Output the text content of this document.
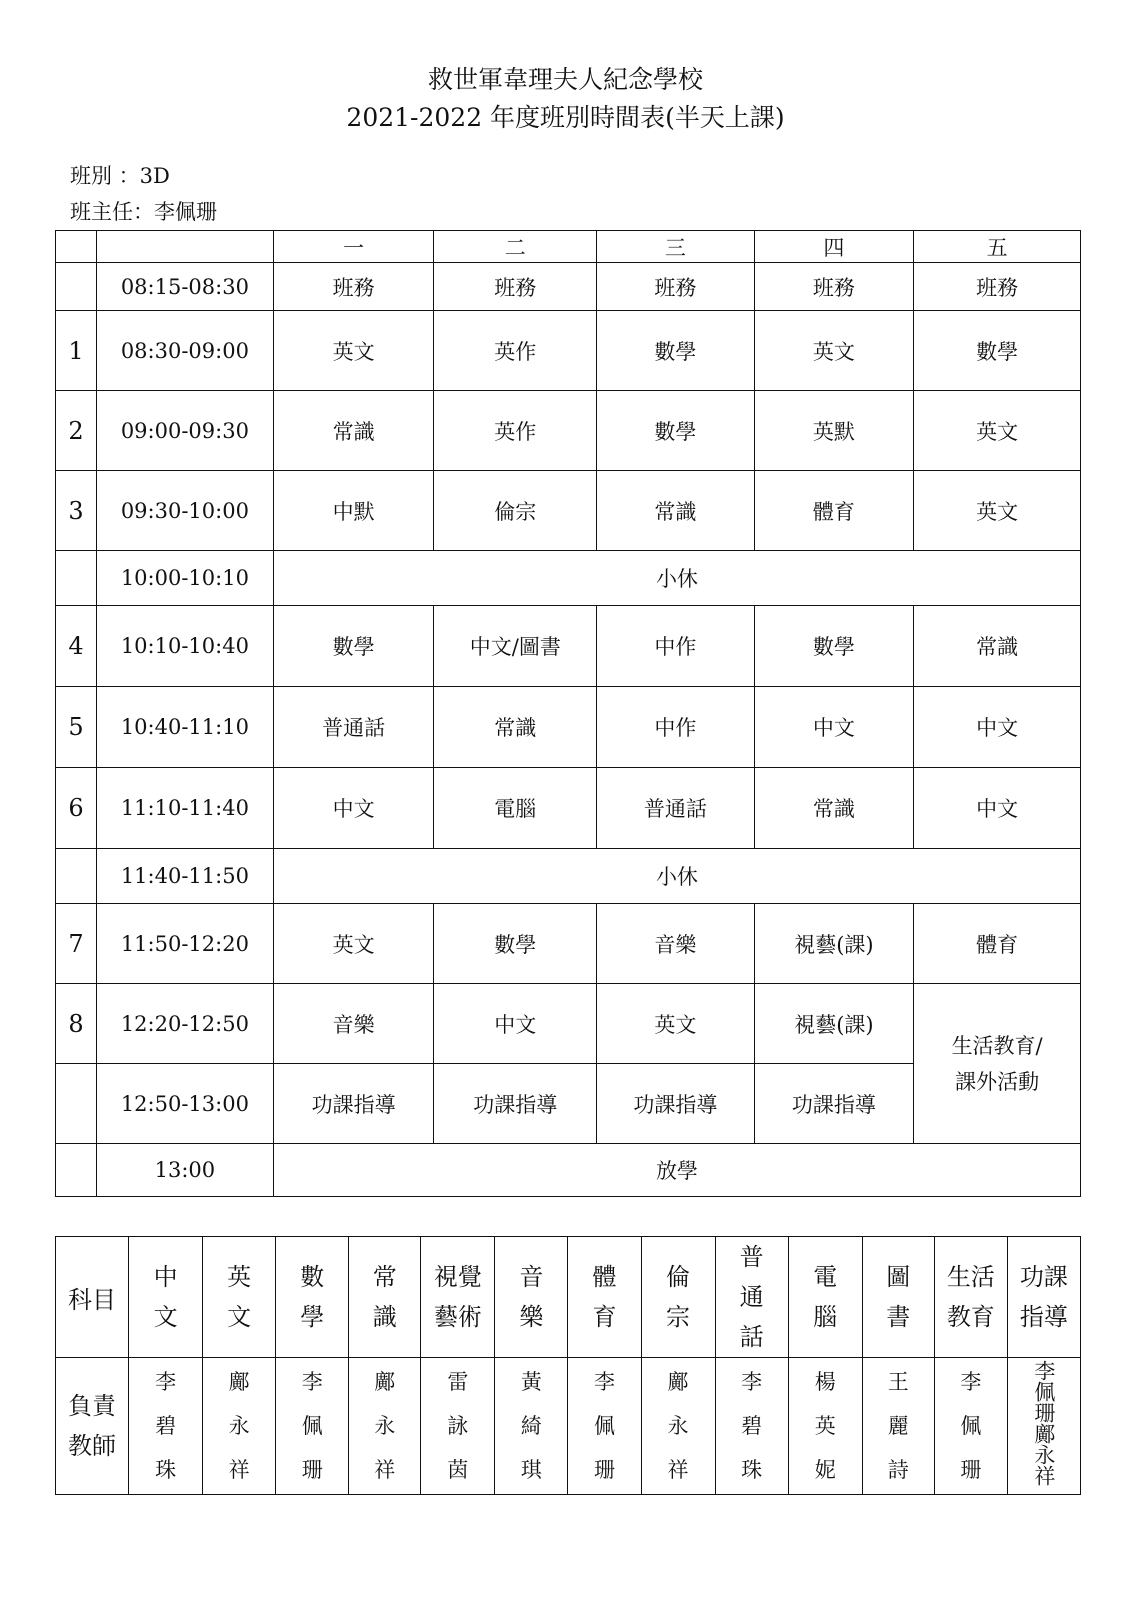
救世軍韋理夫人紀念學校
2021-2022 年度班別時間表(半天上課)
班別 ：3D
班主任：李佩珊
		一	二	三	四	五
	08:15-08:30	班務	班務	班務	班務	班務
1	08:30-09:00	英文	英作	數學	英文	數學
2	09:00-09:30	常識	英作	數學	英默	英文
3	09:30-10:00	中默	倫宗	常識	體育	英文
	10:00-10:10	小休				
4	10:10-10:40	數學	中文/圖書	中作	數學	常識
5	10:40-11:10	普通話	常識	中作	中文	中文
6	11:10-11:40	中文	電腦	普通話	常識	中文
	11:40-11:50	小休				
7	11:50-12:20	英文	數學	音樂	視藝(課)	體育
8	12:20-12:50	音樂	中文	英文	視藝(課)	生活教育/
課外活動
	12:50-13:00	功課指導	功課指導	功課指導	功課指導	
	13:00	放學				
科目	中文	英文	數學	常識	視覺藝術	音樂	體育	倫宗	普通話	電腦	圖書	生活教育	功課指導
負責教師	李碧珠	鄺永祥	李佩珊	鄺永祥	雷詠茵	黃綺琪	李佩珊	鄺永祥	李碧珠	楊英妮	王麗詩	李佩珊	李佩珊鄺永祥
